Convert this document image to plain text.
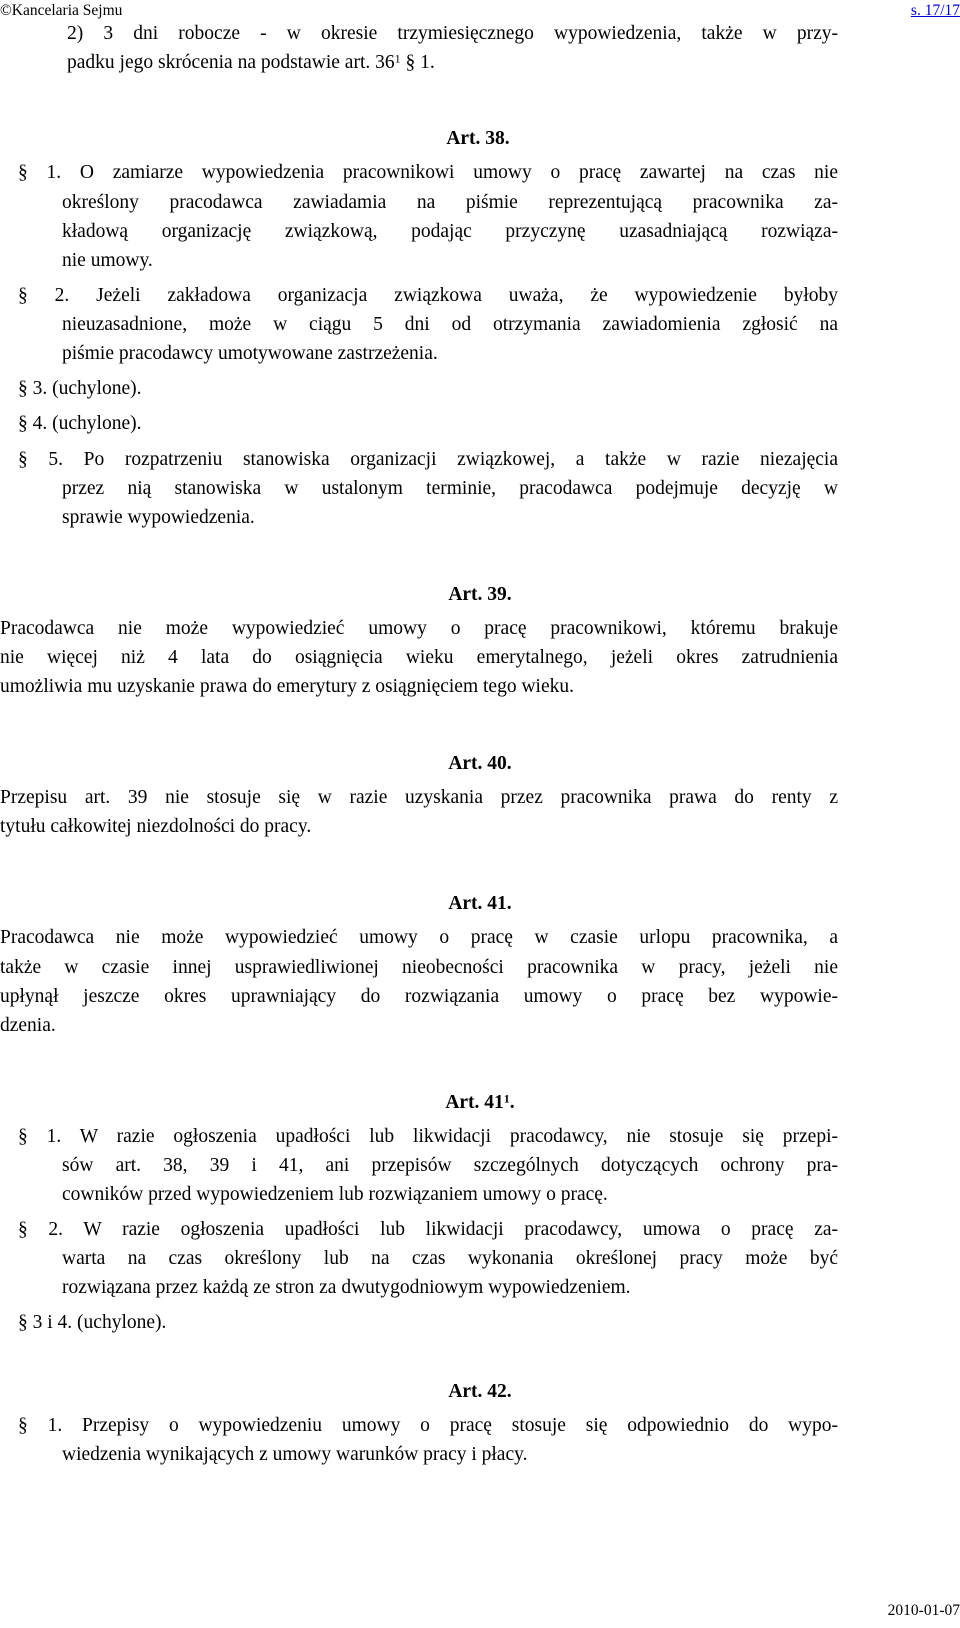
©Kancelaria Sejmu	s. 17/17
2) 3 dni robocze - w okresie trzymiesięcznego wypowiedzenia, także w przy-
padku jego skrócenia na podstawie art. $36^1$ § 1.
Art. 38.
§ 1. O zamiarze wypowiedzenia pracownikowi umowy o pracę zawartej na czas nie
określony pracodawca zawiadamia na piśmie reprezentującą pracownika za-
kładową organizację związkową, podając przyczynę uzasadniającą rozwiąza-
nie umowy.
§ 2. Jeżeli zakładowa organizacja związkowa uważa, że wypowiedzenie byłoby
nieuzasadnione, może w ciągu 5 dni od otrzymania zawiadomienia zgłosić na
piśmie pracodawcy umotywowane zastrzeżenia.
§ 3. (uchylone).
§ 4. (uchylone).
§ 5. Po rozpatrzeniu stanowiska organizacji związkowej, a także w razie niezajęcia
przez nią stanowiska w ustalonym terminie, pracodawca podejmuje decyzję w
sprawie wypowiedzenia.
Art. 39.
Pracodawca nie może wypowiedzieć umowy o pracę pracownikowi, któremu brakuje
nie więcej niż 4 lata do osiągnięcia wieku emerytalnego, jeżeli okres zatrudnienia
umożliwia mu uzyskanie prawa do emerytury z osiągnięciem tego wieku.
Art. 40.
Przepisu art. 39 nie stosuje się w razie uzyskania przez pracownika prawa do renty z
tytułu całkowitej niezdolności do pracy.
Art. 41.
Pracodawca nie może wypowiedzieć umowy o pracę w czasie urlopu pracownika, a
także w czasie innej usprawiedliwionej nieobecności pracownika w pracy, jeżeli nie
upłynął jeszcze okres uprawniający do rozwiązania umowy o pracę bez wypowie-
dzenia.
Art. $41^1$.
§ 1. W razie ogłoszenia upadłości lub likwidacji pracodawcy, nie stosuje się przepi-
sów art. 38, 39 i 41, ani przepisów szczególnych dotyczących ochrony pra-
cowników przed wypowiedzeniem lub rozwiązaniem umowy o pracę.
§ 2. W razie ogłoszenia upadłości lub likwidacji pracodawcy, umowa o pracę za-
warta na czas określony lub na czas wykonania określonej pracy może być
rozwiązana przez każdą ze stron za dwutygodniowym wypowiedzeniem.
§ 3 i 4. (uchylone).
Art. 42.
§ 1. Przepisy o wypowiedzeniu umowy o pracę stosuje się odpowiednio do wypo-
wiedzenia wynikających z umowy warunków pracy i płacy.
2010-01-07
